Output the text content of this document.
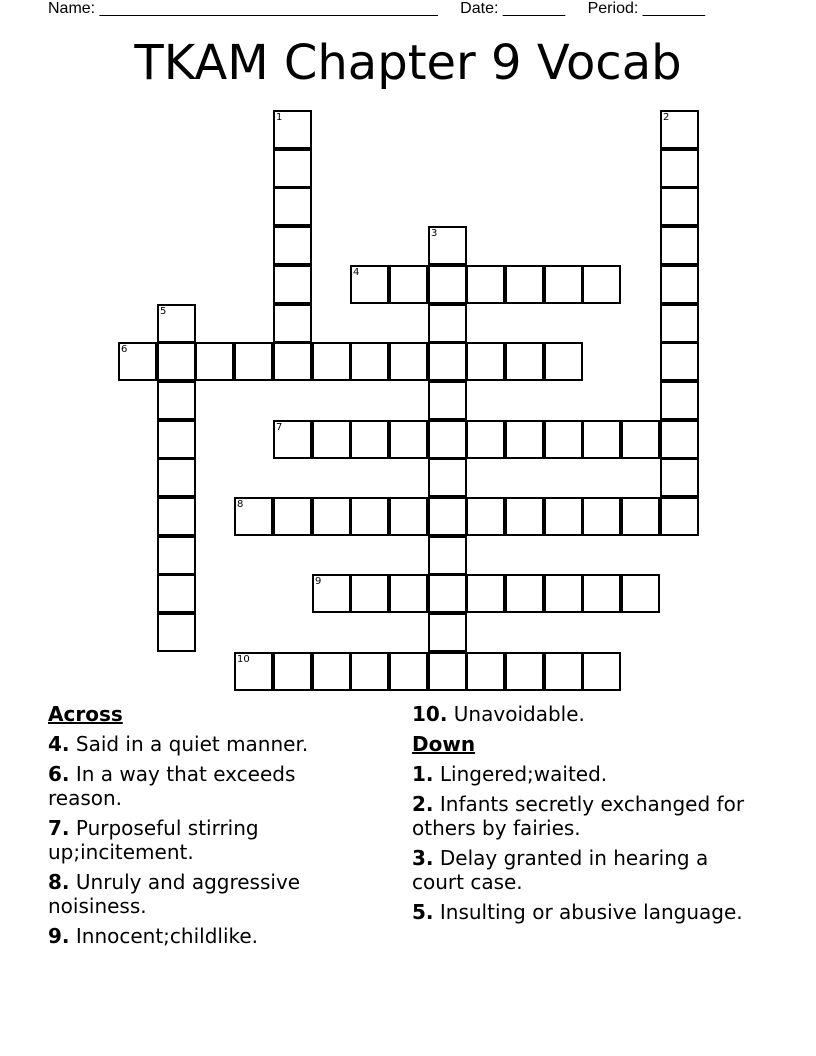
Name: ______________________________________ Date: _______ Period: _______
TKAM Chapter 9 Vocab
1	2
3
4
5
6
7
8
9
10
Across
4. Said in a quiet manner.
6. In a way that exceeds reason.
7. Purposeful stirring up;incitement.
8. Unruly and aggressive noisiness.
9. Innocent;childlike.
10. Unavoidable.
Down
1. Lingered;waited.
2. Infants secretly exchanged for others by fairies.
3. Delay granted in hearing a court case.
5. Insulting or abusive language.
